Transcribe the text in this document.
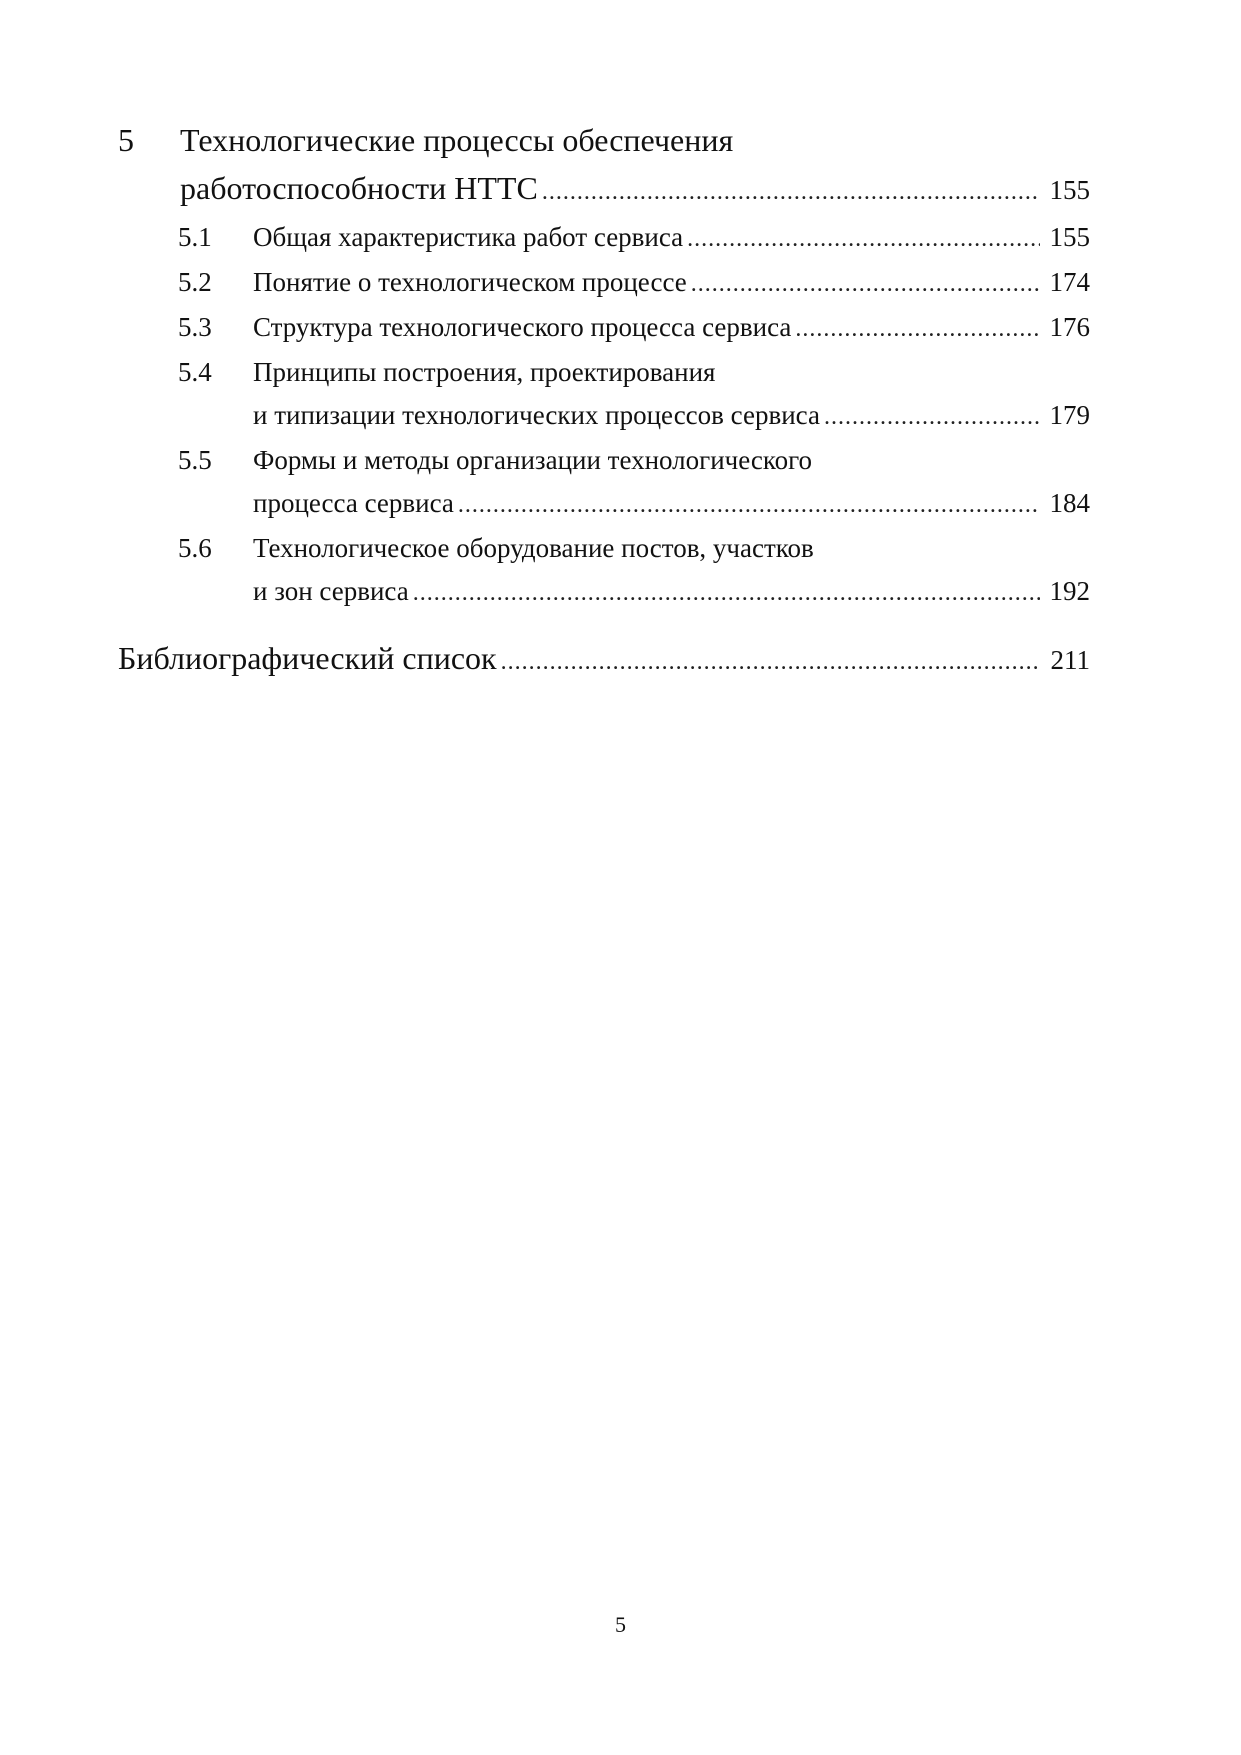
5	Технологические процессы обеспечения
работоспособности НТТС .....	155
5.1	Общая характеристика работ сервиса .....	155
5.2	Понятие о технологическом процессе .....	174
5.3	Структура технологического процесса сервиса .....	176
5.4	Принципы построения, проектирования
и типизации технологических процессов сервиса .....	179
5.5	Формы и методы организации технологического
процесса сервиса .....	184
5.6	Технологическое оборудование постов, участков
и зон сервиса .....	192
Библиографический список .....	211
5
